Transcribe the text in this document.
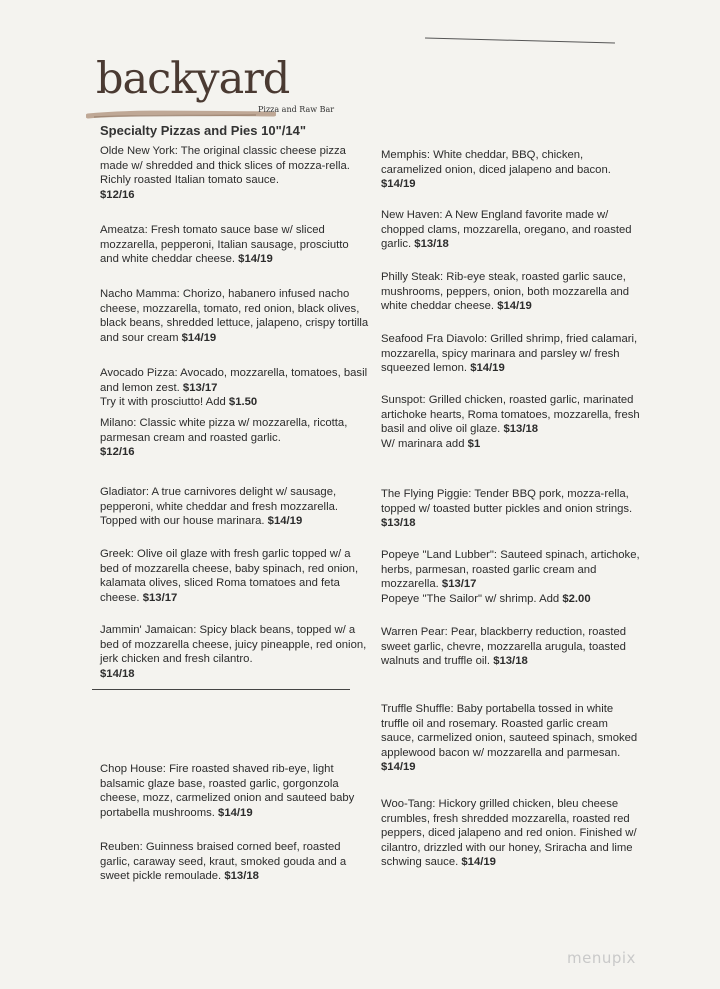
backyard
Pizza and Raw Bar
Specialty Pizzas and Pies 10"/14"
Olde New York: The original classic cheese pizza made w/ shredded and thick slices of mozza-rella. Richly roasted Italian tomato sauce.
$12/16
Ameatza: Fresh tomato sauce base w/ sliced mozzarella, pepperoni, Italian sausage, prosciutto and white cheddar cheese. $14/19
Nacho Mamma: Chorizo, habanero infused nacho cheese, mozzarella, tomato, red onion, black olives, black beans, shredded lettuce, jalapeno, crispy tortilla and sour cream $14/19
Avocado Pizza: Avocado, mozzarella, tomatoes, basil and lemon zest. $13/17
Try it with prosciutto! Add $1.50
Milano: Classic white pizza w/ mozzarella, ricotta, parmesan cream and roasted garlic.
$12/16
Gladiator: A true carnivores delight w/ sausage, pepperoni, white cheddar and fresh mozzarella. Topped with our house marinara. $14/19
Greek: Olive oil glaze with fresh garlic topped w/ a bed of mozzarella cheese, baby spinach, red onion, kalamata olives, sliced Roma tomatoes and feta cheese. $13/17
Jammin' Jamaican: Spicy black beans, topped w/ a bed of mozzarella cheese, juicy pineapple, red onion, jerk chicken and fresh cilantro.
$14/18
Chop House: Fire roasted shaved rib-eye, light balsamic glaze base, roasted garlic, gorgonzola cheese, mozz, carmelized onion and sauteed baby portabella mushrooms. $14/19
Reuben: Guinness braised corned beef, roasted garlic, caraway seed, kraut, smoked gouda and a sweet pickle remoulade. $13/18
Memphis: White cheddar, BBQ, chicken, caramelized onion, diced jalapeno and bacon. $14/19
New Haven: A New England favorite made w/ chopped clams, mozzarella, oregano, and roasted garlic. $13/18
Philly Steak: Rib-eye steak, roasted garlic sauce, mushrooms, peppers, onion, both mozzarella and white cheddar cheese. $14/19
Seafood Fra Diavolo: Grilled shrimp, fried calamari, mozzarella, spicy marinara and parsley w/ fresh squeezed lemon. $14/19
Sunspot: Grilled chicken, roasted garlic, marinated artichoke hearts, Roma tomatoes, mozzarella, fresh basil and olive oil glaze. $13/18
W/ marinara add $1
The Flying Piggie: Tender BBQ pork, mozza-rella, topped w/ toasted butter pickles and onion strings. $13/18
Popeye "Land Lubber": Sauteed spinach, artichoke, herbs, parmesan, roasted garlic cream and mozzarella. $13/17
Popeye "The Sailor" w/ shrimp. Add $2.00
Warren Pear: Pear, blackberry reduction, roasted sweet garlic, chevre, mozzarella arugula, toasted walnuts and truffle oil. $13/18
Truffle Shuffle: Baby portabella tossed in white truffle oil and rosemary. Roasted garlic cream sauce, carmelized onion, sauteed spinach, smoked applewood bacon w/ mozzarella and parmesan. $14/19
Woo-Tang: Hickory grilled chicken, bleu cheese crumbles, fresh shredded mozzarella, roasted red peppers, diced jalapeno and red onion. Finished w/ cilantro, drizzled with our honey, Sriracha and lime schwing sauce. $14/19
menupix
